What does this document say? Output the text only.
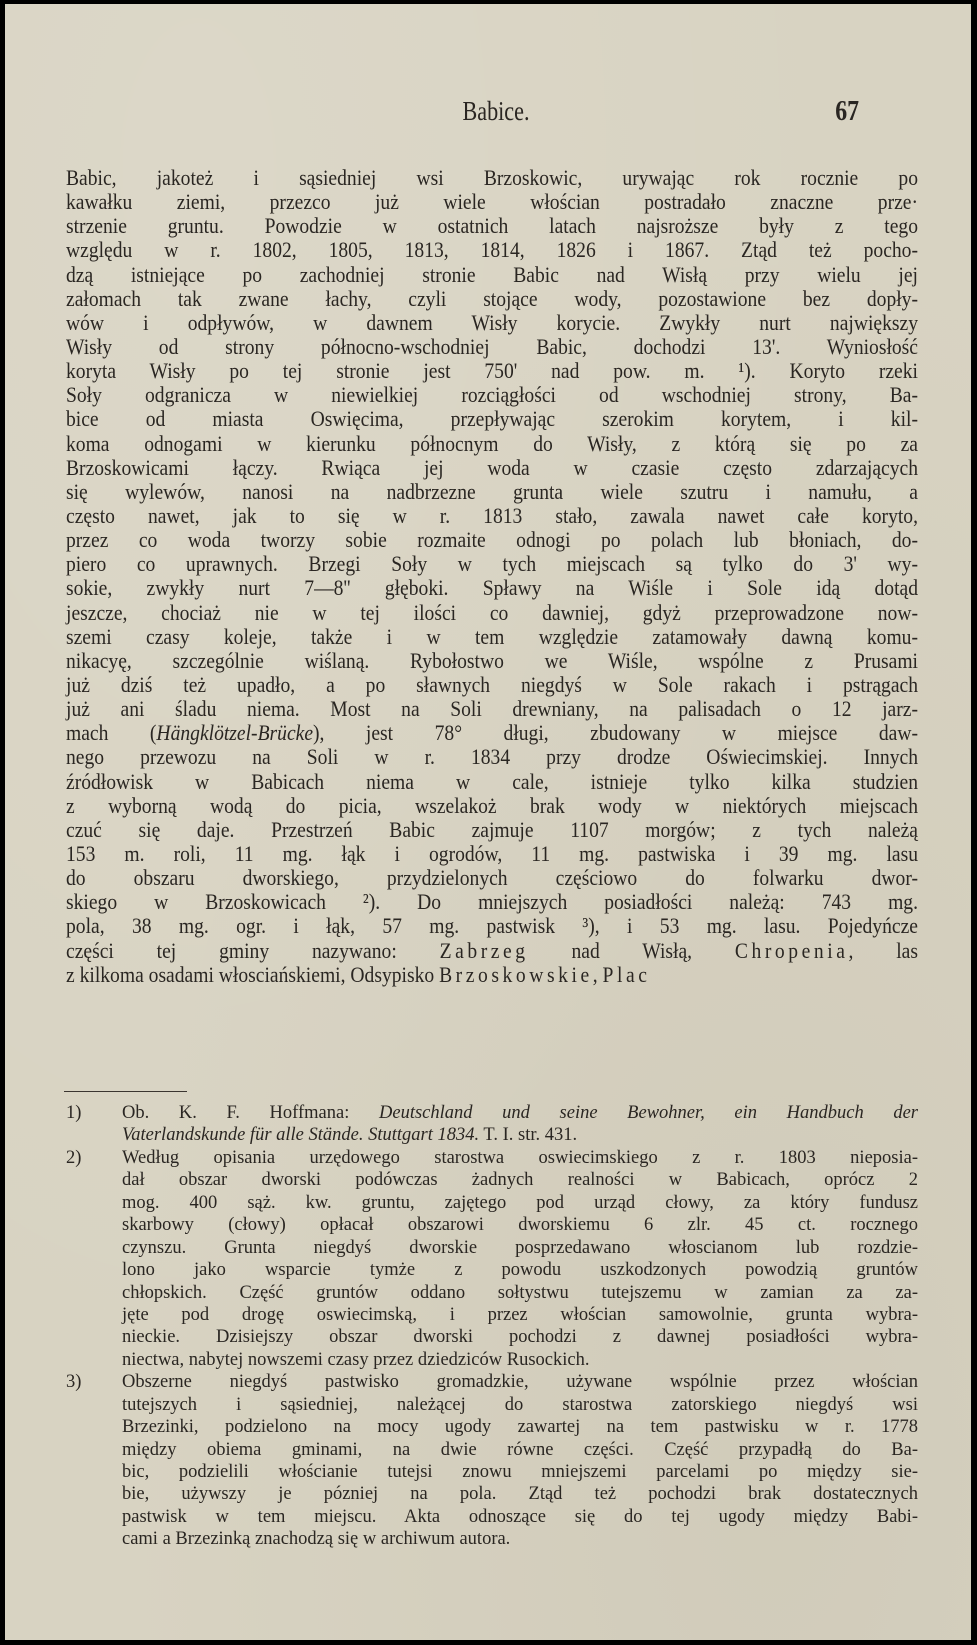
Babice.	67
Babic, jakoteż i sąsiedniej wsi Brzoskowic, urywając rok rocznie po
kawałku ziemi, przezco już wiele włościan postradało znaczne prze·
strzenie gruntu. Powodzie w ostatnich latach najsroższe były z tego
względu w r. 1802, 1805, 1813, 1814, 1826 i 1867. Ztąd też pocho-
dzą istniejące po zachodniej stronie Babic nad Wisłą przy wielu jej
załomach tak zwane łachy, czyli stojące wody, pozostawione bez dopły-
wów i odpływów, w dawnem Wisły korycie. Zwykły nurt największy
Wisły od strony północno-wschodniej Babic, dochodzi 13'. Wyniosłość
koryta Wisły po tej stronie jest 750' nad pow. m. ¹). Koryto rzeki
Soły odgranicza w niewielkiej rozciągłości od wschodniej strony, Ba-
bice od miasta Oswięcima, przepływając szerokim korytem, i kil-
koma odnogami w kierunku północnym do Wisły, z którą się po za
Brzoskowicami łączy. Rwiąca jej woda w czasie często zdarzających
się wylewów, nanosi na nadbrzezne grunta wiele szutru i namułu, a
często nawet, jak to się w r. 1813 stało, zawala nawet całe koryto,
przez co woda tworzy sobie rozmaite odnogi po polach lub błoniach, do-
piero co uprawnych. Brzegi Soły w tych miejscach są tylko do 3' wy-
sokie, zwykły nurt 7—8'' głęboki. Spławy na Wiśle i Sole idą dotąd
jeszcze, chociaż nie w tej ilości co dawniej, gdyż przeprowadzone now-
szemi czasy koleje, także i w tem względzie zatamowały dawną komu-
nikacyę, szczególnie wiślaną. Rybołostwo we Wiśle, wspólne z Prusami
już dziś też upadło, a po sławnych niegdyś w Sole rakach i pstrągach
już ani śladu niema. Most na Soli drewniany, na palisadach o 12 jarz-
mach (Hängklötzel-Brücke), jest 78° długi, zbudowany w miejsce daw-
nego przewozu na Soli w r. 1834 przy drodze Oświecimskiej. Innych
źródłowisk w Babicach niema w cale, istnieje tylko kilka studzien
z wyborną wodą do picia, wszelakoż brak wody w niektórych miejscach
czuć się daje. Przestrzeń Babic zajmuje 1107 morgów; z tych należą
153 m. roli, 11 mg. łąk i ogrodów, 11 mg. pastwiska i 39 mg. lasu
do obszaru dworskiego, przydzielonych częściowo do folwarku dwor-
skiego w Brzoskowicach ²). Do mniejszych posiadłości należą: 743 mg.
pola, 38 mg. ogr. i łąk, 57 mg. pastwisk ³), i 53 mg. lasu. Pojedyńcze
części tej gminy nazywano: Zabrzeg nad Wisłą, Chropenia, las
z kilkoma osadami włosciańskiemi, Odsypisko Brzoskowskie, Plac
1) Ob. K. F. Hoffmana: Deutschland und seine Bewohner, ein Handbuch der
Vaterlandskunde für alle Stände. Stuttgart 1834. T. I. str. 431.
2) Według opisania urzędowego starostwa oswiecimskiego z r. 1803 nieposia-
dał obszar dworski podówczas żadnych realności w Babicach, oprócz 2
mog. 400 sąż. kw. gruntu, zajętego pod urząd cłowy, za który fundusz
skarbowy (cłowy) opłacał obszarowi dworskiemu 6 zlr. 45 ct. rocznego
czynszu. Grunta niegdyś dworskie posprzedawano włoscianom lub rozdzie-
lono jako wsparcie tymże z powodu uszkodzonych powodzią gruntów
chłopskich. Część gruntów oddano sołtystwu tutejszemu w zamian za za-
jęte pod drogę oswiecimską, i przez włościan samowolnie, grunta wybra-
nieckie. Dzisiejszy obszar dworski pochodzi z dawnej posiadłości wybra-
niectwa, nabytej nowszemi czasy przez dziedziców Rusockich.
3) Obszerne niegdyś pastwisko gromadzkie, używane wspólnie przez włościan
tutejszych i sąsiedniej, należącej do starostwa zatorskiego niegdyś wsi
Brzezinki, podzielono na mocy ugody zawartej na tem pastwisku w r. 1778
między obiema gminami, na dwie równe części. Część przypadłą do Ba-
bic, podzielili włościanie tutejsi znowu mniejszemi parcelami po między sie-
bie, używszy je pózniej na pola. Ztąd też pochodzi brak dostatecznych
pastwisk w tem miejscu. Akta odnoszące się do tej ugody między Babi-
cami a Brzezinką znachodzą się w archiwum autora.
